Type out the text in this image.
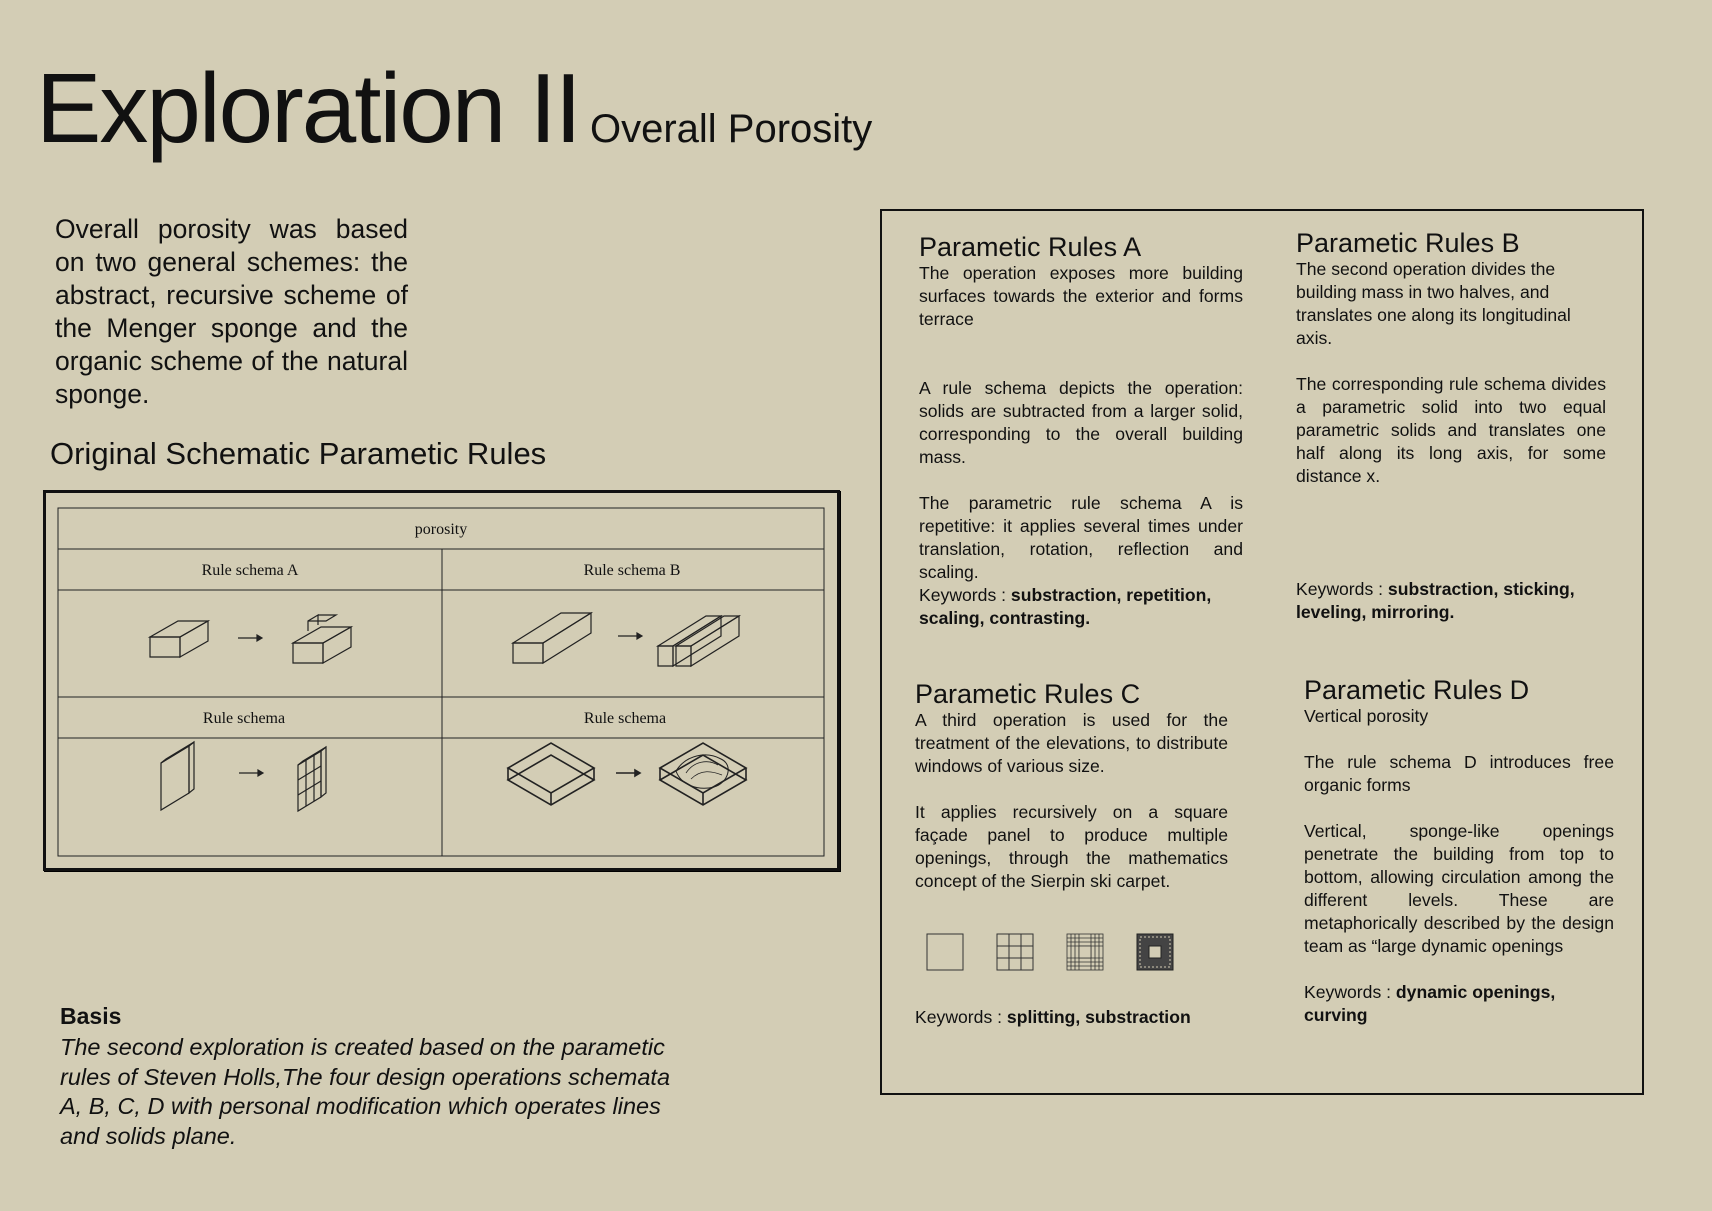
Exploration II Overall Porosity

Overall porosity was based on two general schemes: the abstract, recursive scheme of the Menger sponge and the organic scheme of the natural sponge.

Original Schematic Parametic Rules
porosity
Rule schema A	Rule schema B
Rule schema	Rule schema
Basis

The second exploration is created based on the parametic rules of Steven Holls,The four design operations schemata A, B, C, D with personal modification which operates lines and solids plane.

Parametic Rules A

The operation exposes more building surfaces towards the exterior and forms terrace

A rule schema depicts the operation: solids are subtracted from a larger solid, corresponding to the overall building mass.

The parametric rule schema A is repetitive: it applies several times under translation, rotation, reflection and scaling.

Keywords : substraction, repetition, scaling, contrasting.

Parametic Rules B

The second operation divides the building mass in two halves, and translates one along its longitudinal axis.

The corresponding rule schema divides a parametric solid into two equal parametric solids and translates one half along its long axis, for some distance x.

Keywords : substraction, sticking, leveling, mirroring.

Parametic Rules C

A third operation is used for the treatment of the elevations, to distribute windows of various size.

It applies recursively on a square façade panel to produce multiple openings, through the mathematics concept of the Sierpin ski carpet.

Keywords : splitting, substraction

Parametic Rules D

Vertical porosity

The rule schema D introduces free organic forms

Vertical, sponge-like openings penetrate the building from top to bottom, allowing circulation among the different levels. These are metaphorically described by the design team as “large dynamic openings

Keywords : dynamic openings, curving
